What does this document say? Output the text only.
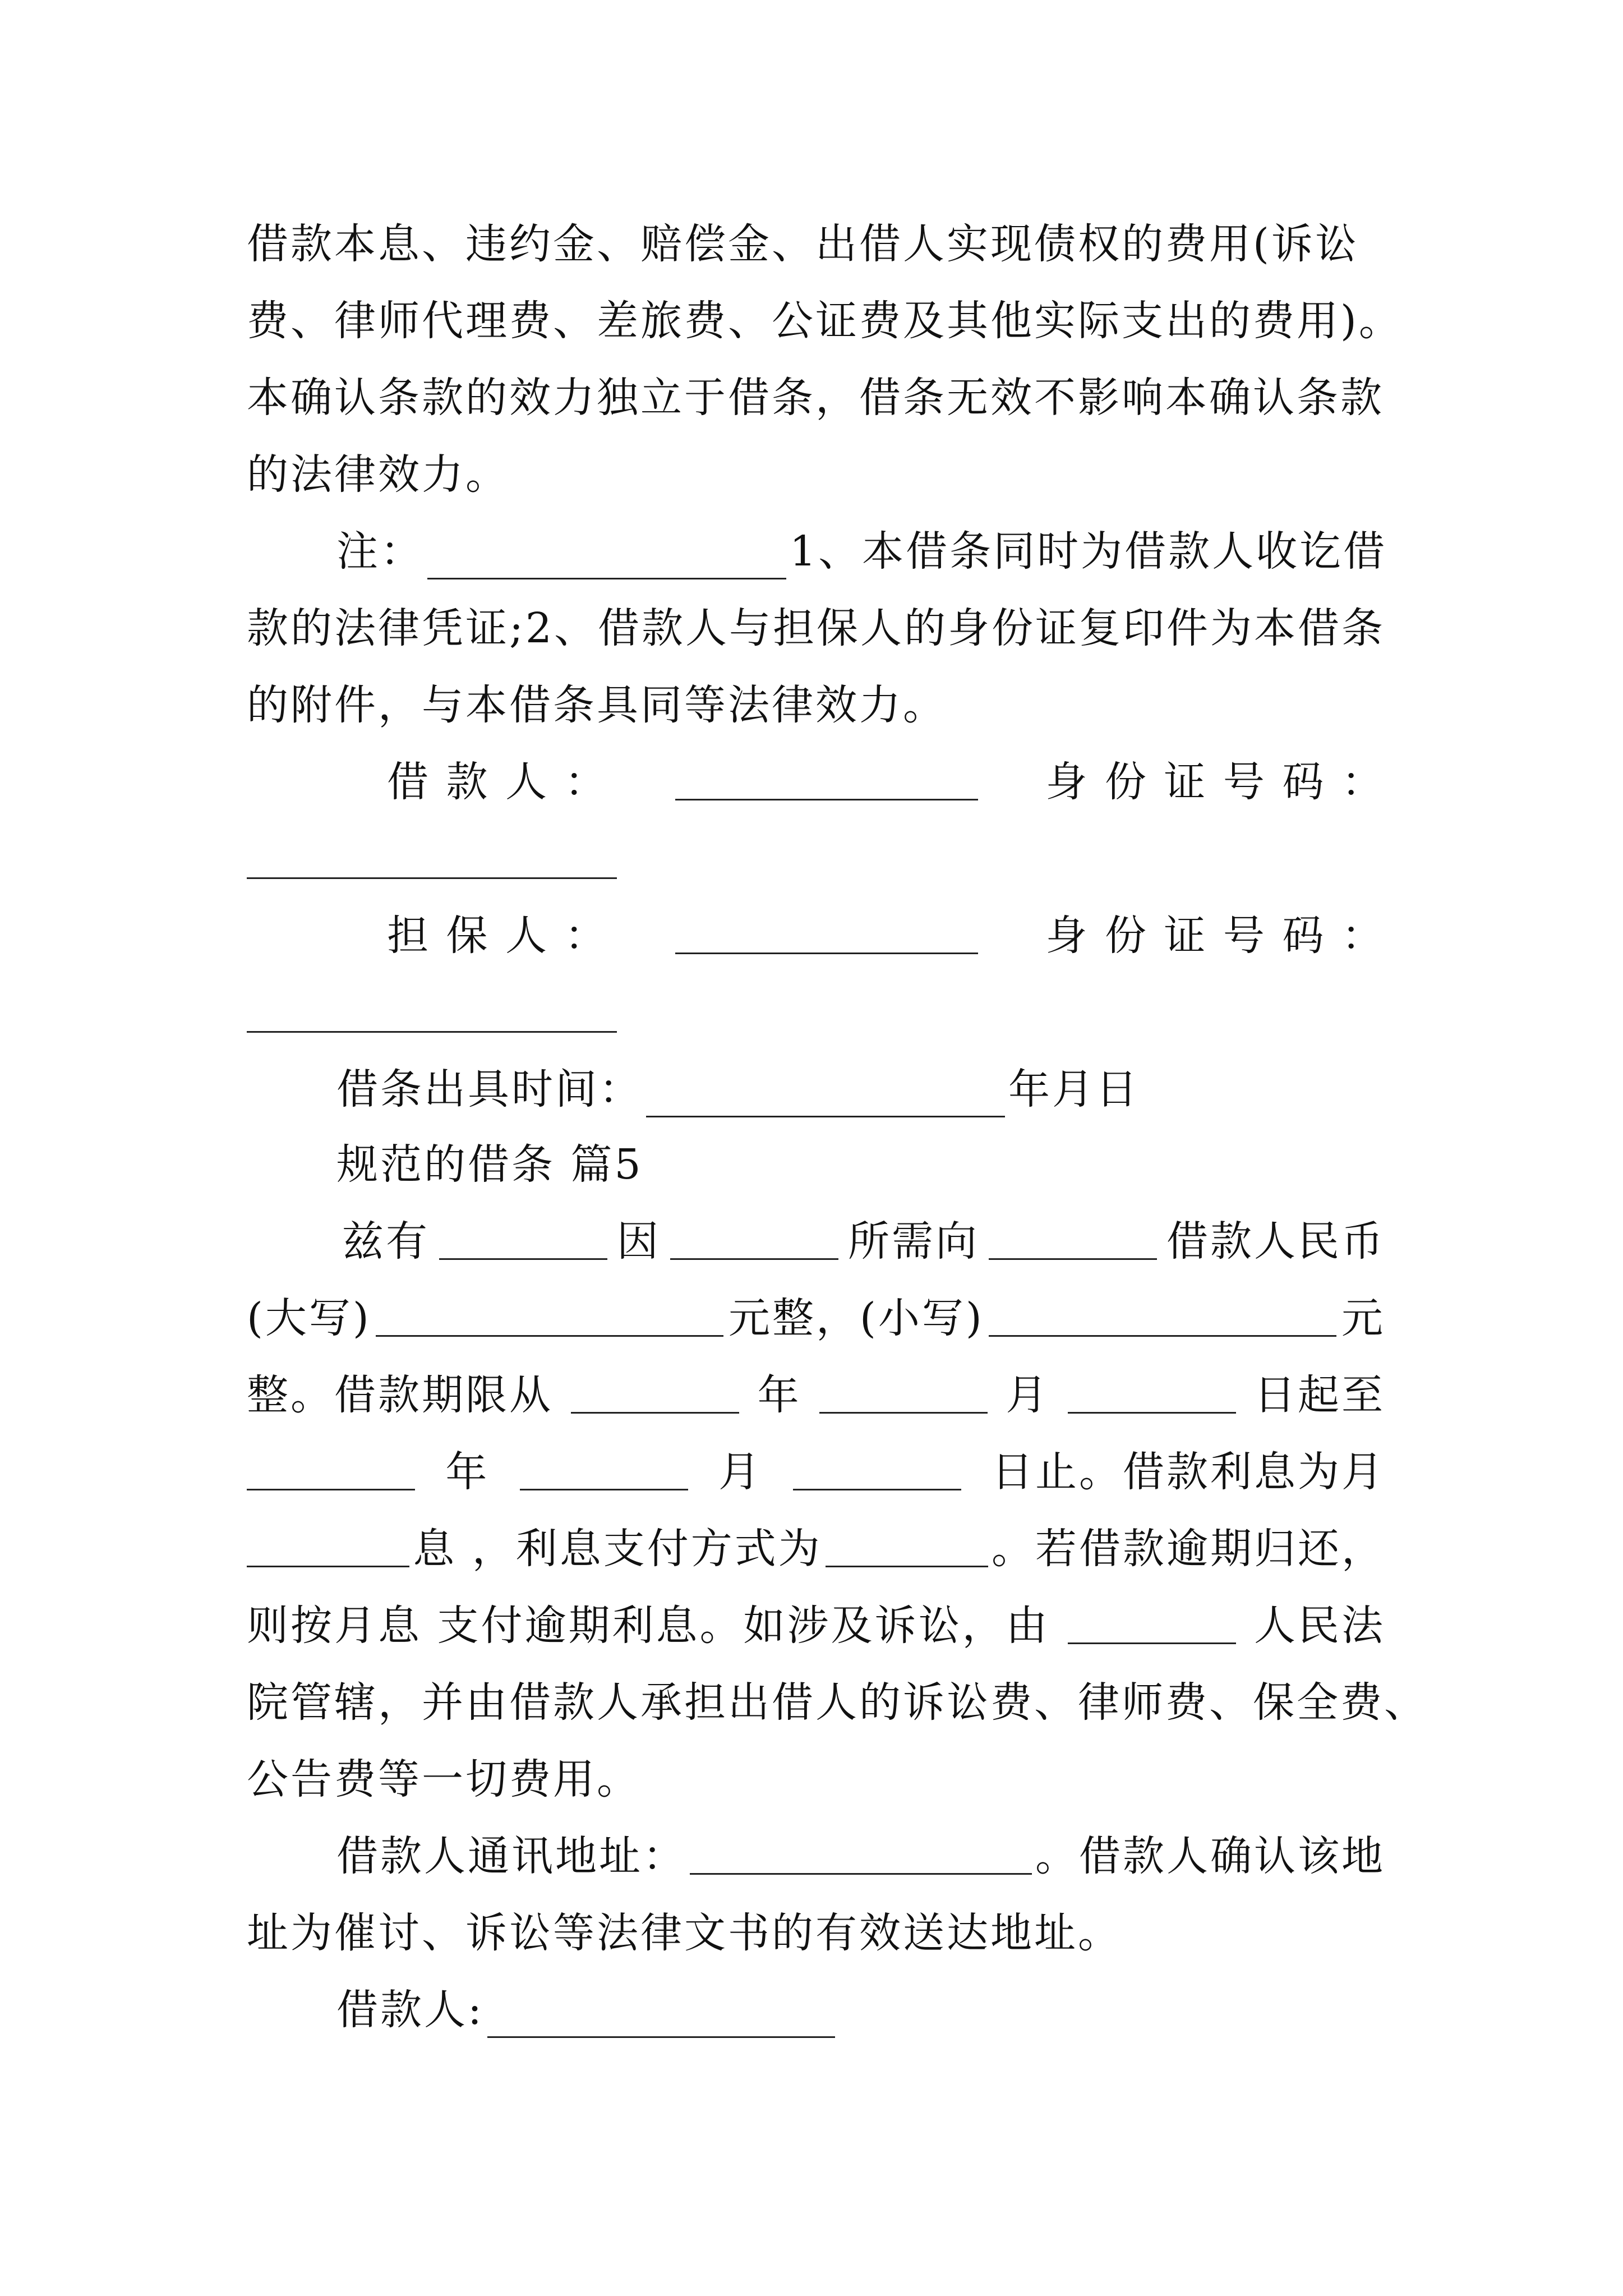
借款本息、违约金、赔偿金、出借人实现债权的费用(诉讼
费、律师代理费、差旅费、公证费及其他实际支出的费用)。
本确认条款的效力独立于借条，借条无效不影响本确认条款
的法律效力。
注：	1、本借条同时为借款人收讫借
款的法律凭证;2、借款人与担保人的身份证复印件为本借条
的附件，与本借条具同等法律效力。
借 款 人 ：	身 份 证 号 码 ：
担 保 人 ：	身 份 证 号 码 ：
借条出具时间：	年月日
规范的借条 篇5
兹有	因	所需向	借款人民币
(大写)	元整，(小写)	元
整。借款期限从	年	月	日起至
年	月	日止。借款利息为月
息 ，利息支付方式为	。若借款逾期归还，
则按月息 支付逾期利息。如涉及诉讼，由	人民法
院管辖，并由借款人承担出借人的诉讼费、律师费、保全费、
公告费等一切费用。
借款人通讯地址：	。借款人确认该地
址为催讨、诉讼等法律文书的有效送达地址。
借款人:
